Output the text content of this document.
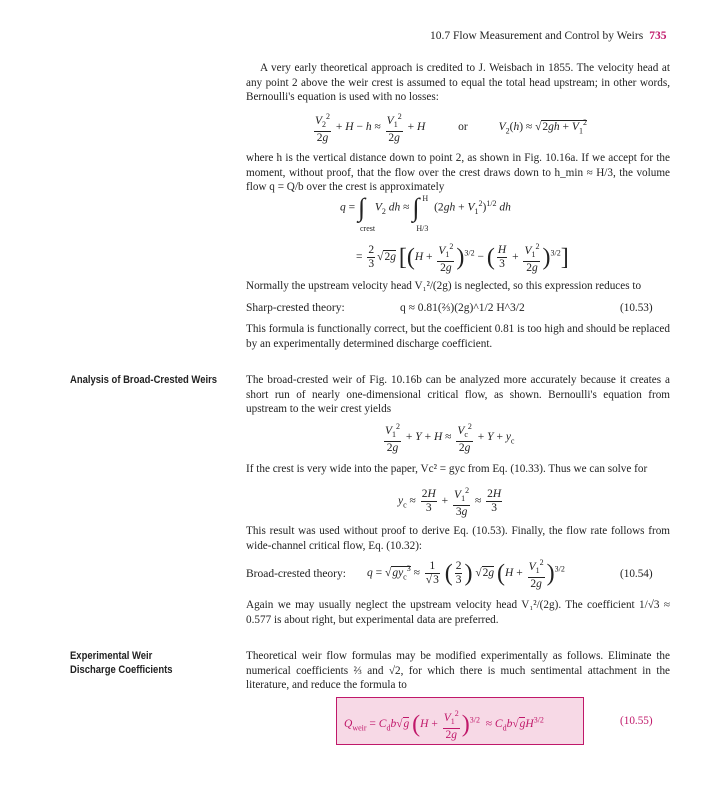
10.7 Flow Measurement and Control by Weirs 735

A very early theoretical approach is credited to J. Weisbach in 1855. The velocity head at any point 2 above the weir crest is assumed to equal the total head upstream; in other words, Bernoulli's equation is used with no losses:

$\frac{V_2^2}{2g} + H - h \approx \frac{V_1^2}{2g} + H$	or	$V_2(h) \approx √2gh + V_1^2$

where h is the vertical distance down to point 2, as shown in Fig. 10.16a. If we accept for the moment, without proof, that the flow over the crest draws down to h_min ≈ H/3, the volume flow q = Q/b over the crest is approximately

q = ∫
crest
$V_2$ dh ≈ ∫ H
H/3
$(2gh + V_1^2)^{1/2}$ dh
= $\frac{2}{3} √2g$ [$(H + \frac{V_1^2}{2g} )^{3/2}$ − ( $\frac{H}{3} + \frac{V_1^2}{2g} )^{3/2}$]

Normally the upstream velocity head V₁²/(2g) is neglected, so this expression reduces to

Sharp-crested theory:	q ≈ 0.81(⅔)(2g)^1/2 H^3/2	(10.53)

This formula is functionally correct, but the coefficient 0.81 is too high and should be replaced by an experimentally determined discharge coefficient.

Analysis of Broad-Crested Weirs	The broad-crested weir of Fig. 10.16b can be analyzed more accurately because it creates a short run of nearly one-dimensional critical flow, as shown. Bernoulli's equation from upstream to the weir crest yields

$\frac{V_1^2}{2g} + Y + H \approx \frac{V_c^2}{2g} + Y + y_c$

If the crest is very wide into the paper, Vc² = gyc from Eq. (10.33). Thus we can solve for

$y_c \approx \frac{2H}{3} + \frac{V_1^2}{3g} \approx \frac{2H}{3}$

This result was used without proof to derive Eq. (10.53). Finally, the flow rate follows from wide-channel critical flow, Eq. (10.32):

Broad-crested theory: $q = √gy_c^3 \approx \frac{1}{√3}$ ( $\frac{2}{3}$ ) √2g $(H + \frac{V_1^2}{2g} )^{3/2}$	(10.54)

Again we may usually neglect the upstream velocity head V₁²/(2g). The coefficient 1/√3 ≈ 0.577 is about right, but experimental data are preferred.

Experimental Weir
Discharge Coefficients

Theoretical weir flow formulas may be modified experimentally as follows. Eliminate the numerical coefficients ⅔ and √2, for which there is much sentimental attachment in the literature, and reduce the formula to

$Q_{weir} = C_db√g$ $(H + \frac{V_1^2}{2g} )^{3/2} \approx C_db√gH^{3/2}$	(10.55)
